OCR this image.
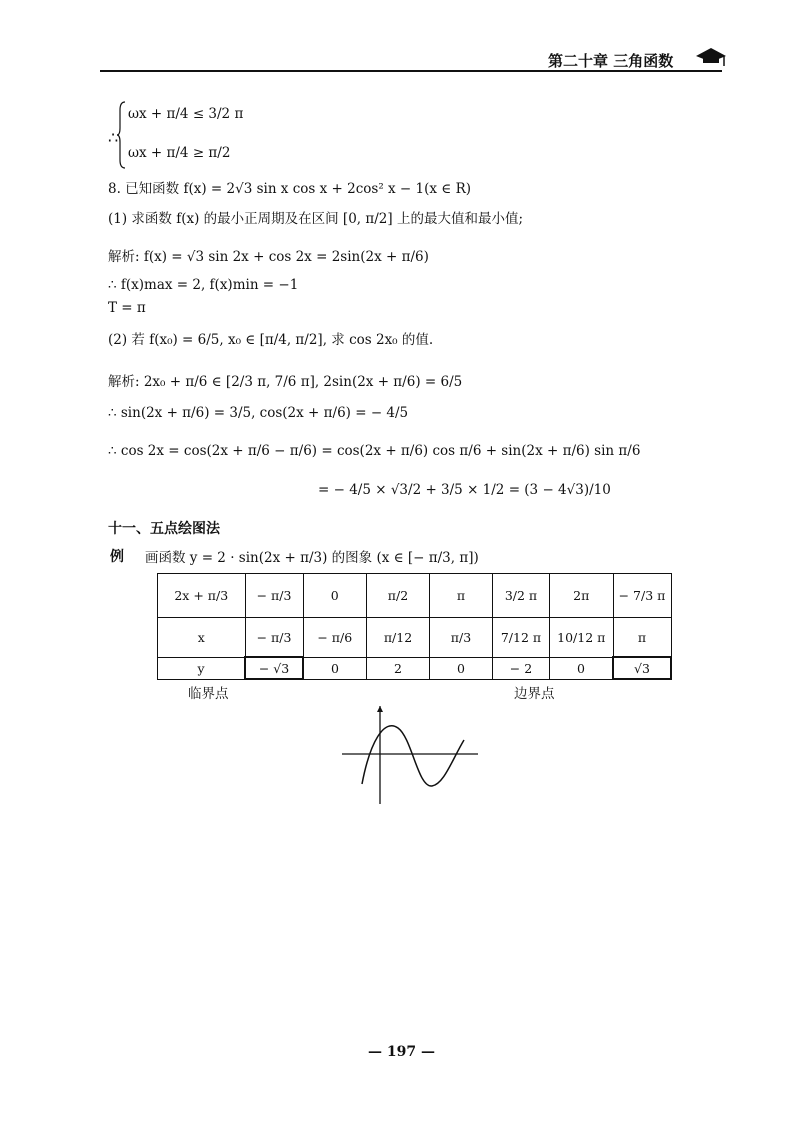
第二十章 三角函数
∴
ωx + π/4 ≤ 3/2 π
ωx + π/4 ≥ π/2
8. 已知函数 f(x) = 2√3 sin x cos x + 2cos² x − 1(x ∈ R)
(1) 求函数 f(x) 的最小正周期及在区间 [0, π/2] 上的最大值和最小值;
解析: f(x) = √3 sin 2x + cos 2x = 2sin(2x + π/6)
∴ f(x)max = 2, f(x)min = −1
T = π
(2) 若 f(x₀) = 6/5, x₀ ∈ [π/4, π/2], 求 cos 2x₀ 的值.
解析: 2x₀ + π/6 ∈ [2/3 π, 7/6 π], 2sin(2x + π/6) = 6/5
∴ sin(2x + π/6) = 3/5, cos(2x + π/6) = − 4/5
∴ cos 2x = cos(2x + π/6 − π/6) = cos(2x + π/6) cos π/6 + sin(2x + π/6) sin π/6
= − 4/5 × √3/2 + 3/5 × 1/2 = (3 − 4√3)/10
十一、五点绘图法
例 画函数 y = 2 · sin(2x + π/3) 的图象 (x ∈ [− π/3, π])
2x + π/3	− π/3	0	π/2	π	3/2 π	2π	− 7/3 π
x	− π/3	− π/6	π/12	π/3	7/12 π	10/12 π	π
y	− √3	0	2	0	− 2	0	√3
临界点	边界点
— 197 —
